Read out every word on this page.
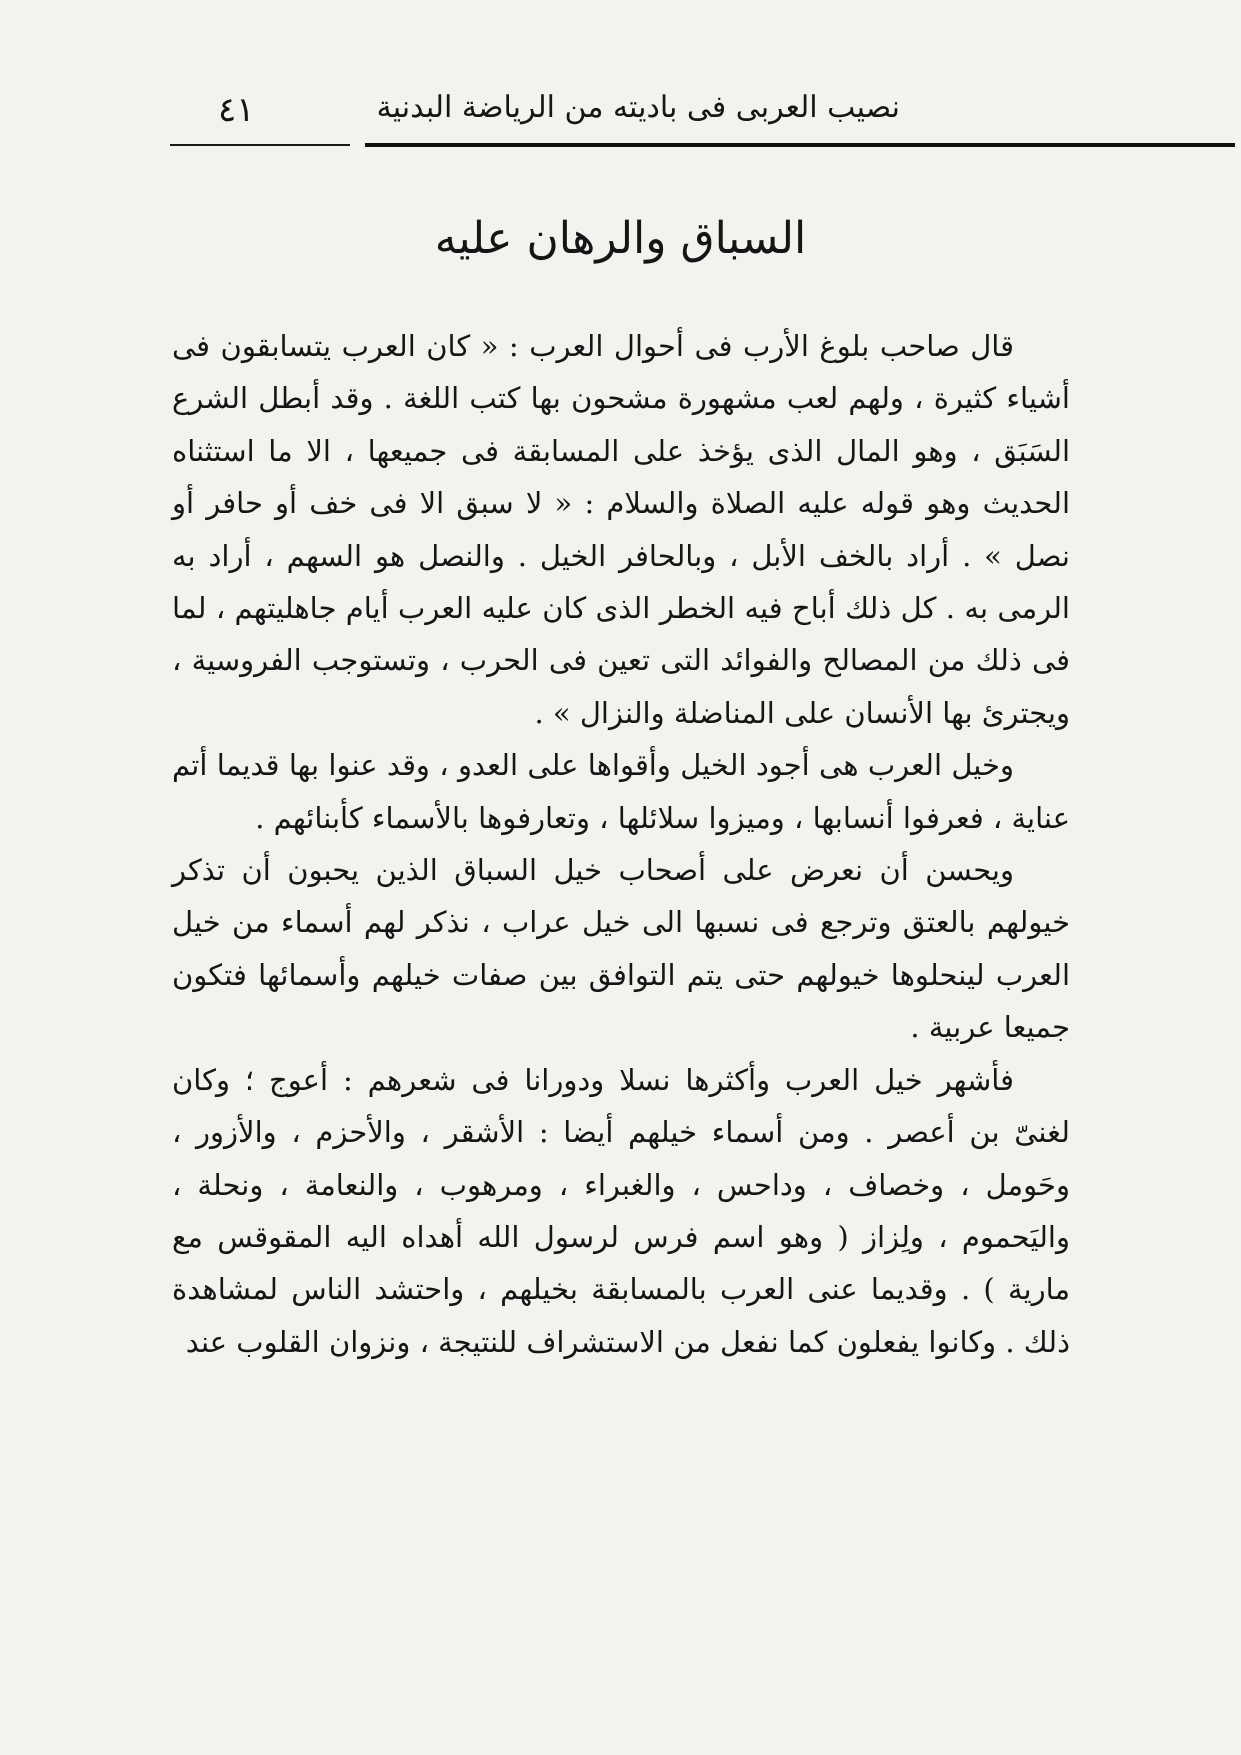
٤١	نصيب العربى فى باديته من الرياضة البدنية
السباق والرهان عليه

قال صاحب بلوغ الأرب فى أحوال العرب : « كان العرب يتسابقون فى أشياء كثيرة ، ولهم لعب مشهورة مشحون بها كتب اللغة . وقد أبطل الشرع السَبَق ، وهو المال الذى يؤخذ على المسابقة فى جميعها ، الا ما استثناه الحديث وهو قوله عليه الصلاة والسلام : « لا سبق الا فى خف أو حافر أو نصل » . أراد بالخف الأبل ، وبالحافر الخيل . والنصل هو السهم ، أراد به الرمى به . كل ذلك أباح فيه الخطر الذى كان عليه العرب أيام جاهليتهم ، لما فى ذلك من المصالح والفوائد التى تعين فى الحرب ، وتستوجب الفروسية ، ويجترئ بها الأنسان على المناضلة والنزال » .

وخيل العرب هى أجود الخيل وأقواها على العدو ، وقد عنوا بها قديما أتم عناية ، فعرفوا أنسابها ، وميزوا سلائلها ، وتعارفوها بالأسماء كأبنائهم .

ويحسن أن نعرض على أصحاب خيل السباق الذين يحبون أن تذكر خيولهم بالعتق وترجع فى نسبها الى خيل عراب ، نذكر لهم أسماء من خيل العرب لينحلوها خيولهم حتى يتم التوافق بين صفات خيلهم وأسمائها فتكون جميعا عربية .

فأشهر خيل العرب وأكثرها نسلا ودورانا فى شعرهم : أعوج ؛ وكان لغنىّ بن أعصر . ومن أسماء خيلهم أيضا : الأشقر ، والأحزم ، والأزور ، وحَومل ، وخصاف ، وداحس ، والغبراء ، ومرهوب ، والنعامة ، ونحلة ، واليَحموم ، ولِزاز ( وهو اسم فرس لرسول الله أهداه اليه المقوقس مع مارية ) . وقديما عنى العرب بالمسابقة بخيلهم ، واحتشد الناس لمشاهدة ذلك . وكانوا يفعلون كما نفعل من الاستشراف للنتيجة ، ونزوان القلوب عند
